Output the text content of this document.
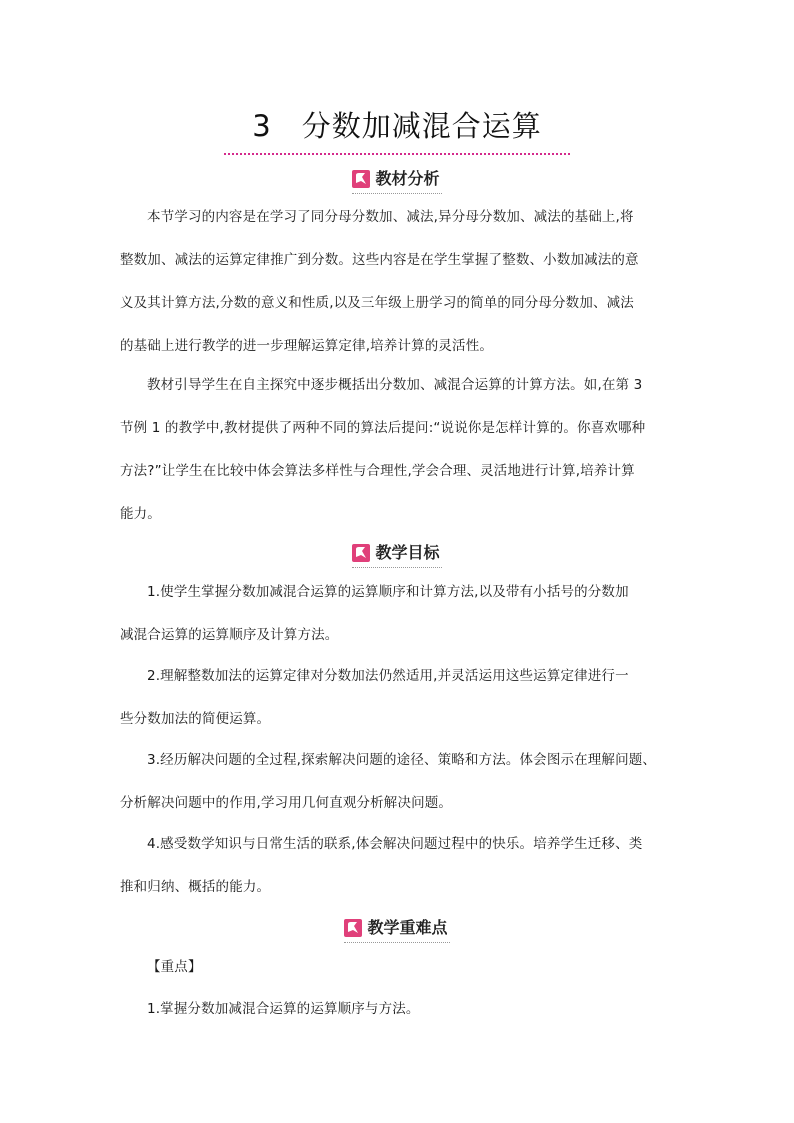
3 分数加减混合运算
教材分析

本节学习的内容是在学习了同分母分数加、减法,异分母分数加、减法的基础上,将
整数加、减法的运算定律推广到分数。这些内容是在学生掌握了整数、小数加减法的意
义及其计算方法,分数的意义和性质,以及三年级上册学习的简单的同分母分数加、减法
的基础上进行教学的进一步理解运算定律,培养计算的灵活性。

教材引导学生在自主探究中逐步概括出分数加、减混合运算的计算方法。如,在第 3
节例 1 的教学中,教材提供了两种不同的算法后提问:“说说你是怎样计算的。你喜欢哪种
方法?”让学生在比较中体会算法多样性与合理性,学会合理、灵活地进行计算,培养计算
能力。

教学目标

1.使学生掌握分数加减混合运算的运算顺序和计算方法,以及带有小括号的分数加
减混合运算的运算顺序及计算方法。

2.理解整数加法的运算定律对分数加法仍然适用,并灵活运用这些运算定律进行一
些分数加法的简便运算。

3.经历解决问题的全过程,探索解决问题的途径、策略和方法。体会图示在理解问题、
分析解决问题中的作用,学习用几何直观分析解决问题。

4.感受数学知识与日常生活的联系,体会解决问题过程中的快乐。培养学生迁移、类
推和归纳、概括的能力。

教学重难点

【重点】

1.掌握分数加减混合运算的运算顺序与方法。
